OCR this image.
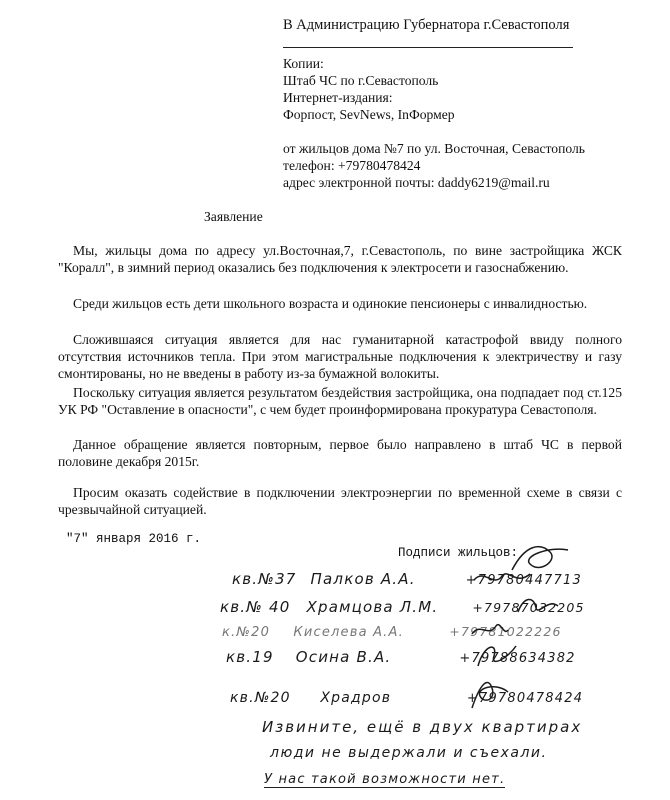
В Администрацию Губернатора г.Севастополя
Копии:
Штаб ЧС по г.Севастополь
Интернет-издания:
Форпост, SevNews, InФормер
от жильцов дома №7 по ул. Восточная, Севастополь
телефон: +79780478424
адрес электронной почты: daddy6219@mail.ru
Заявление

Мы, жильцы дома по адресу ул.Восточная,7, г.Севастополь, по вине застройщика ЖСК "Коралл", в зимний период оказались без подключения к электросети и газоснабжению.

Среди жильцов есть дети школьного возраста и одинокие пенсионеры с инвалидностью.

Сложившаяся ситуация является для нас гуманитарной катастрофой ввиду полного отсутствия источников тепла. При этом магистральные подключения к электричеству и газу смонтированы, но не введены в работу из-за бумажной волокиты.

Поскольку ситуация является результатом бездействия застройщика, она подпадает под ст.125 УК РФ "Оставление в опасности", с чем будет проинформирована прокуратура Севастополя.

Данное обращение является повторным, первое было направлено в штаб ЧС в первой половине декабря 2015г.

Просим оказать содействие в подключении электроэнергии по временной схеме в связи с чрезвычайной ситуацией.

"7" января 2016 г.
Подписи жильцов:
кв.№37 Палков А.А.	+79780447713
кв.№ 40 Храмцова Л.М.	+79787032205
к.№20 Киселева А.А.	+79781022226
кв.19 Осина В.А.	+79788634382
кв.№20 Храдров	+79780478424
Извините, ещё в двух квартирах
люди не выдержали и съехали.
У нас такой возможности нет.
